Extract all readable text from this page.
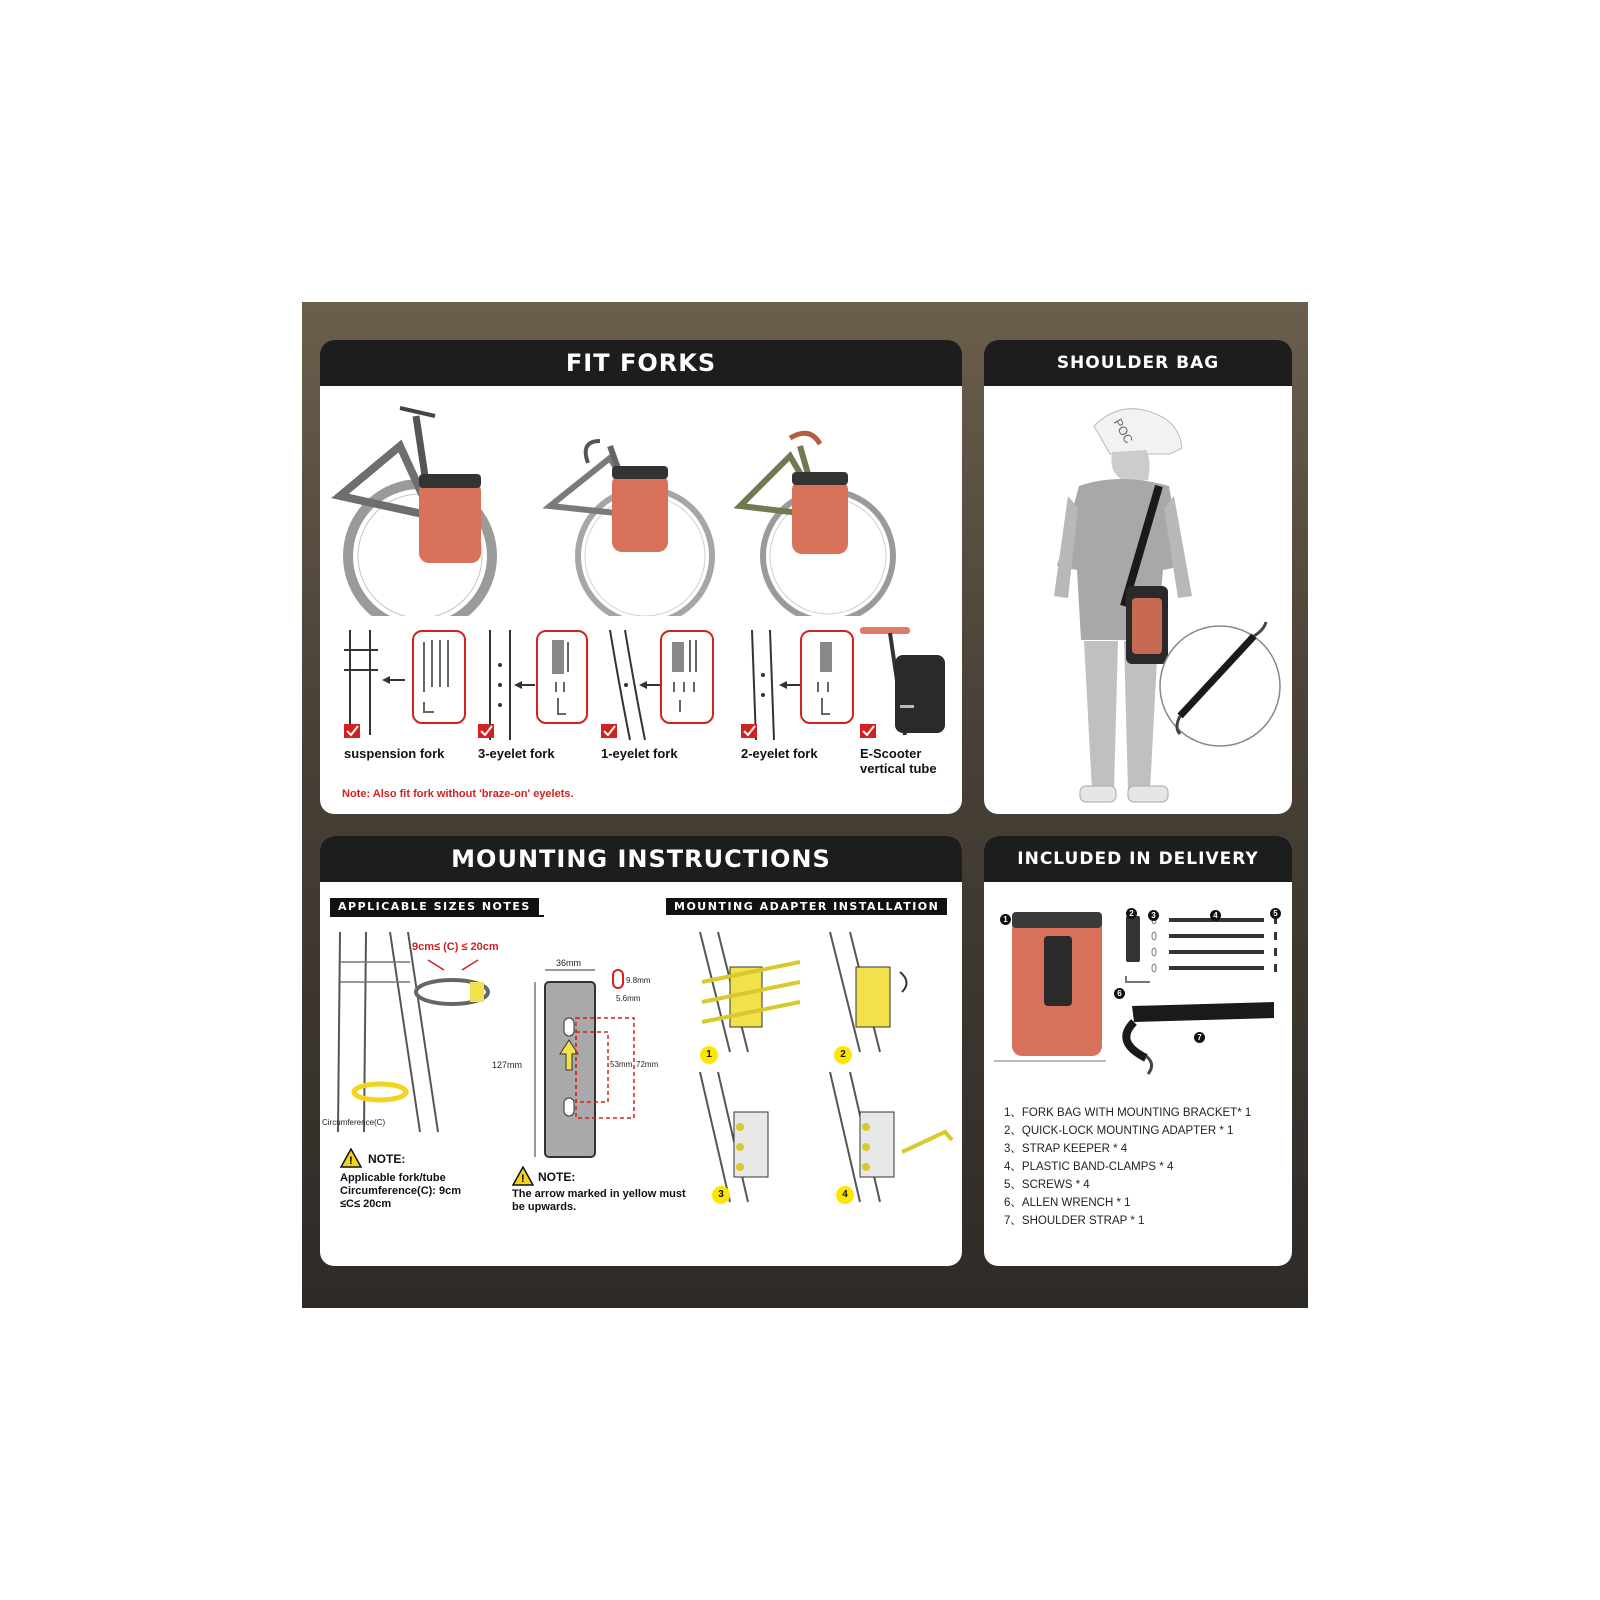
FIT FORKS
suspension fork	3-eyelet fork	1-eyelet fork	2-eyelet fork	E-Scooter vertical tube
Note: Also fit fork without 'braze-on' eyelets.
SHOULDER BAG
POC
MOUNTING INSTRUCTIONS
APPLICABLE SIZES NOTES	MOUNTING ADAPTER INSTALLATION
9cm≤ (C) ≤ 20cm
Circumference(C)
36mm
127mm
9.8mm
5.6mm
53mm 72mm
! NOTE:
Applicable fork/tube Circumference(C): 9cm ≤C≤ 20cm
! NOTE:
The arrow marked in yellow must be upwards.
1	2
3	4
INCLUDED IN DELIVERY
1
2	3	4	5
6
7
1、FORK BAG WITH MOUNTING BRACKET* 1
2、QUICK-LOCK MOUNTING ADAPTER * 1
3、STRAP KEEPER * 4
4、PLASTIC BAND-CLAMPS * 4
5、SCREWS * 4
6、ALLEN WRENCH * 1
7、SHOULDER STRAP * 1
